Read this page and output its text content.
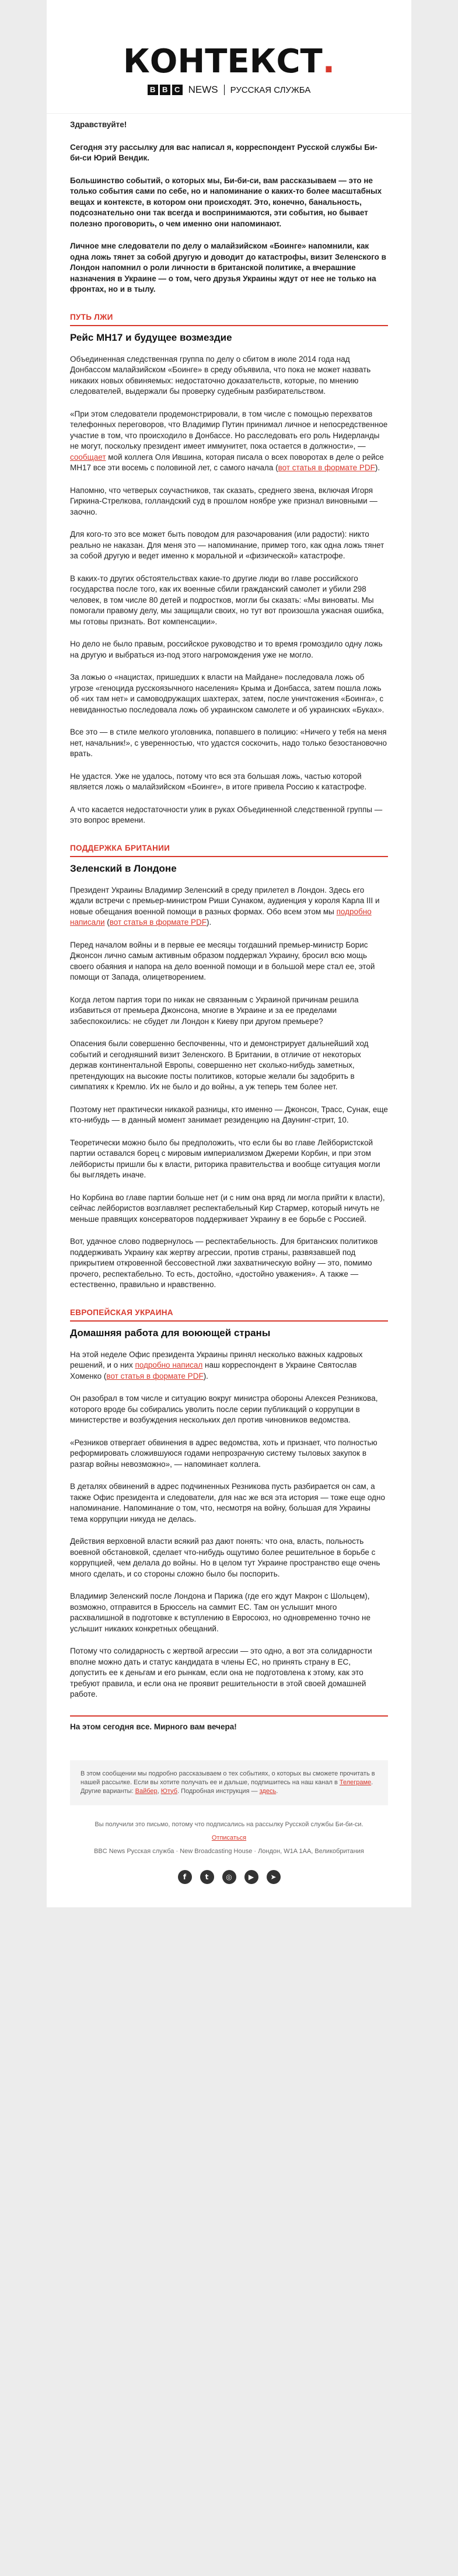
КОНТЕКСТ.
B B C NEWS РУССКАЯ СЛУЖБА

Здравствуйте!

Сегодня эту рассылку для вас написал я, корреспондент Русской службы Би-би-си Юрий Вендик.

Большинство событий, о которых мы, Би-би-си, вам рассказываем — это не только события сами по себе, но и напоминание о каких-то более масштабных вещах и контексте, в котором они происходят. Это, конечно, банальность, подсознательно они так всегда и воспринимаются, эти события, но бывает полезно проговорить, о чем именно они напоминают.

Личное мне следователи по делу о малайзийском «Боинге» напомнили, как одна ложь тянет за собой другую и доводит до катастрофы, визит Зеленского в Лондон напомнил о роли личности в британской политике, а вчерашние назначения в Украине — о том, чего друзья Украины ждут от нее не только на фронтах, но и в тылу.

ПУТЬ ЛЖИ
Рейс MH17 и будущее возмездие

Объединенная следственная группа по делу о сбитом в июле 2014 года над Донбассом малайзийском «Боинге» в среду объявила, что пока не может назвать никаких новых обвиняемых: недостаточно доказательств, которые, по мнению следователей, выдержали бы проверку судебным разбирательством.

«При этом следователи продемонстрировали, в том числе с помощью перехватов телефонных переговоров, что Владимир Путин принимал личное и непосредственное участие в том, что происходило в Донбассе. Но расследовать его роль Нидерланды не могут, поскольку президент имеет иммунитет, пока остается в должности», — сообщает мой коллега Оля Ившина, которая писала о всех поворотах в деле о рейсе MH17 все эти восемь с половиной лет, с самого начала (вот статья в формате PDF).

Напомню, что четверых соучастников, так сказать, среднего звена, включая Игоря Гиркина-Стрелкова, голландский суд в прошлом ноябре уже признал виновными — заочно.

Для кого-то это все может быть поводом для разочарования (или радости): никто реально не наказан. Для меня это — напоминание, пример того, как одна ложь тянет за собой другую и ведет именно к моральной и «физической» катастрофе.

В каких-то других обстоятельствах какие-то другие люди во главе российского государства после того, как их военные сбили гражданский самолет и убили 298 человек, в том числе 80 детей и подростков, могли бы сказать: «Мы виноваты. Мы помогали правому делу, мы защищали своих, но тут вот произошла ужасная ошибка, мы готовы признать. Вот компенсации».

Но дело не было правым, российское руководство и то время громоздило одну ложь на другую и выбраться из-под этого нагромождения уже не могло.

За ложью о «нацистах, пришедших к власти на Майдане» последовала ложь об угрозе «геноцида русскоязычного населения» Крыма и Донбасса, затем пошла ложь об «их там нет» и самоводружащих шахтерах, затем, после уничтожения «Боинга», с невиданностью последовала ложь об украинском самолете и об украинских «Буках».

Все это — в стиле мелкого уголовника, попавшего в полицию: «Ничего у тебя на меня нет, начальник!», с уверенностью, что удастся соскочить, надо только безостановочно врать.

Не удастся. Уже не удалось, потому что вся эта большая ложь, частью которой является ложь о малайзийском «Боинге», в итоге привела Россию к катастрофе.

А что касается недостаточности улик в руках Объединенной следственной группы — это вопрос времени.

ПОДДЕРЖКА БРИТАНИИ
Зеленский в Лондоне

Президент Украины Владимир Зеленский в среду прилетел в Лондон. Здесь его ждали встречи с премьер-министром Риши Сунаком, аудиенция у короля Карла III и новые обещания военной помощи в разных формах. Обо всем этом мы подробно написали (вот статья в формате PDF).

Перед началом войны и в первые ее месяцы тогдашний премьер-министр Борис Джонсон лично самым активным образом поддержал Украину, бросил всю мощь своего обаяния и напора на дело военной помощи и в большой мере стал ее, этой помощи от Запада, олицетворением.

Когда летом партия тори по никак не связанным с Украиной причинам решила избавиться от премьера Джонсона, многие в Украине и за ее пределами забеспокоились: не сбудет ли Лондон к Киеву при другом премьере?

Опасения были совершенно беспочвенны, что и демонстрирует дальнейший ход событий и сегодняшний визит Зеленского. В Британии, в отличие от некоторых держав континентальной Европы, совершенно нет сколько-нибудь заметных, претендующих на высокие посты политиков, которые желали бы задобрить в симпатиях к Кремлю. Их не было и до войны, а уж теперь тем более нет.

Поэтому нет практически никакой разницы, кто именно — Джонсон, Трасс, Сунак, еще кто-нибудь — в данный момент занимает резиденцию на Даунинг-стрит, 10.

Теоретически можно было бы предположить, что если бы во главе Лейбористской партии оставался борец с мировым империализмом Джереми Корбин, и при этом лейбористы пришли бы к власти, риторика правительства и вообще ситуация могли бы выглядеть иначе.

Но Корбина во главе партии больше нет (и с ним она вряд ли могла прийти к власти), сейчас лейбористов возглавляет респектабельный Кир Стармер, который ничуть не меньше правящих консерваторов поддерживает Украину в ее борьбе с Россией.

Вот, удачное слово подвернулось — респектабельность. Для британских политиков поддерживать Украину как жертву агрессии, против страны, развязавшей под прикрытием откровенной бессовестной лжи захватническую войну — это, помимо прочего, респектабельно. То есть, достойно, «достойно уважения». А также — естественно, правильно и нравственно.

ЕВРОПЕЙСКАЯ УКРАИНА
Домашняя работа для воюющей страны

На этой неделе Офис президента Украины принял несколько важных кадровых решений, и о них подробно написал наш корреспондент в Украине Святослав Хоменко (вот статья в формате PDF).

Он разобрал в том числе и ситуацию вокруг министра обороны Алексея Резникова, которого вроде бы собирались уволить после серии публикаций о коррупции в министерстве и возбуждения нескольких дел против чиновников ведомства.

«Резников отвергает обвинения в адрес ведомства, хоть и признает, что полностью реформировать сложившуюся годами непрозрачную систему тыловых закупок в разгар войны невозможно», — напоминает коллега.

В деталях обвинений в адрес подчиненных Резникова пусть разбирается он сам, а также Офис президента и следователи, для нас же вся эта история — тоже еще одно напоминание. Напоминание о том, что, несмотря на войну, большая для Украины тема коррупции никуда не делась.

Действия верховной власти всякий раз дают понять: что она, власть, польность воевной обстановкой, сделает что-нибудь ощутимо более решительное в борьбе с коррупцией, чем делала до войны. Но в целом тут Украине пространство еще очень много сделать, и со стороны сложно было бы поспорить.

Владимир Зеленский после Лондона и Парижа (где его ждут Макрон с Шольцем), возможно, отправится в Брюссель на саммит ЕС. Там он услышит много расхвалишной в подготовке к вступлению в Евросоюз, но одновременно точно не услышит никаких конкретных обещаний.

Потому что солидарность с жертвой агрессии — это одно, а вот эта солидарности вполне можно дать и статус кандидата в члены ЕС, но принять страну в ЕС, допустить ее к деньгам и его рынкам, если она не подготовлена к этому, как это требуют правила, и если она не проявит решительности в этой своей домашней работе.

На этом сегодня все. Мирного вам вечера!
В этом сообщении мы подробно рассказываем о тех событиях, о которых вы сможете прочитать в нашей рассылке. Если вы хотите получать ее и дальше, подпишитесь на наш канал в Телеграме. Другие варианты: Вайбер, Ютуб. Подробная инструкция — здесь.
Вы получили это письмо, потому что подписались на рассылку Русской службы Би-би-си.
Отписаться
BBC News Русская служба · New Broadcasting House · Лондон, W1A 1AA, Великобритания
f	t	◎	▶	➤
